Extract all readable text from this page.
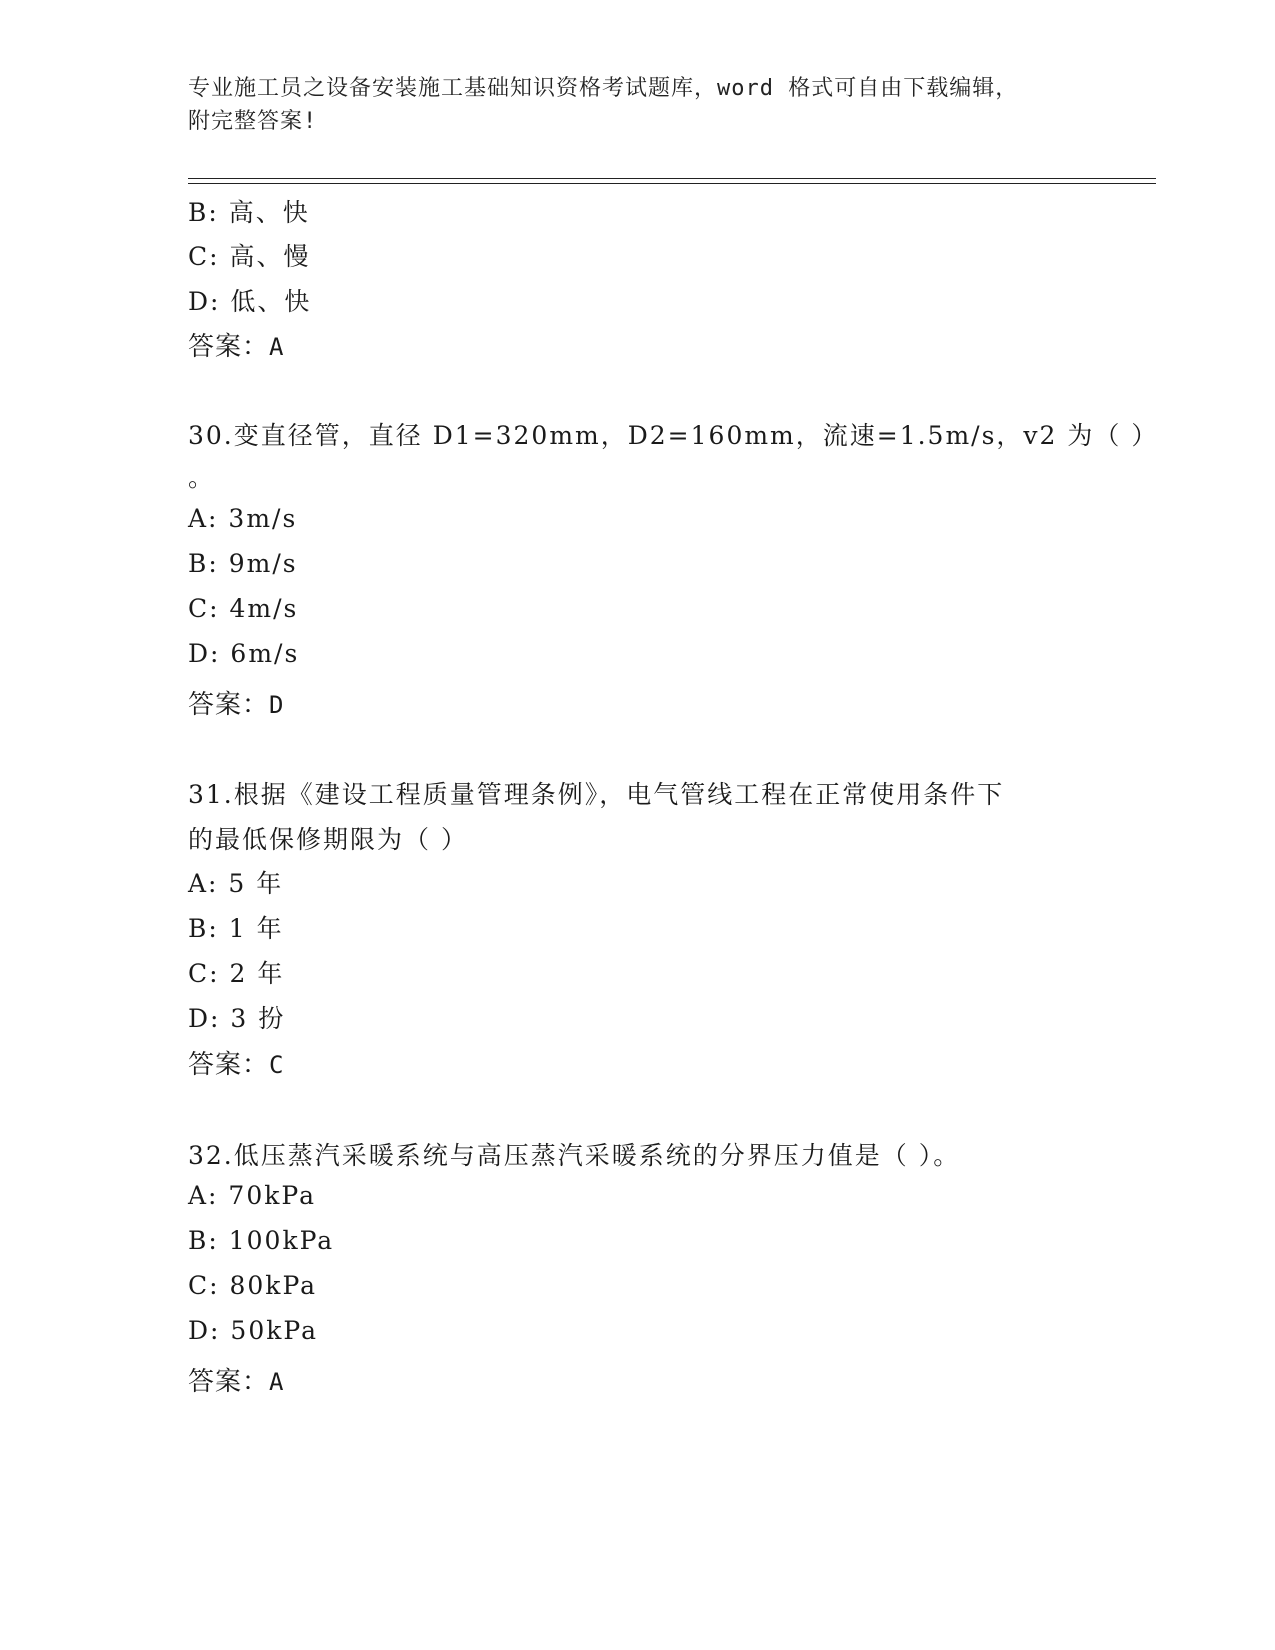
专业施工员之设备安装施工基础知识资格考试题库，word 格式可自由下载编辑，
附完整答案!
B: 高、快
C: 高、慢
D: 低、快
答案：A
30.变直径管，直径 D1=320mm，D2=160mm，流速=1.5m/s，v2 为（ ）
。
A: 3m/s
B: 9m/s
C: 4m/s
D: 6m/s
答案：D
31.根据《建设工程质量管理条例》，电气管线工程在正常使用条件下
的最低保修期限为（ ）
A: 5 年
B: 1 年
C: 2 年
D: 3 扮
答案：C
32.低压蒸汽采暖系统与高压蒸汽采暖系统的分界压力值是（ ）。
A: 70kPa
B: 100kPa
C: 80kPa
D: 50kPa
答案：A
